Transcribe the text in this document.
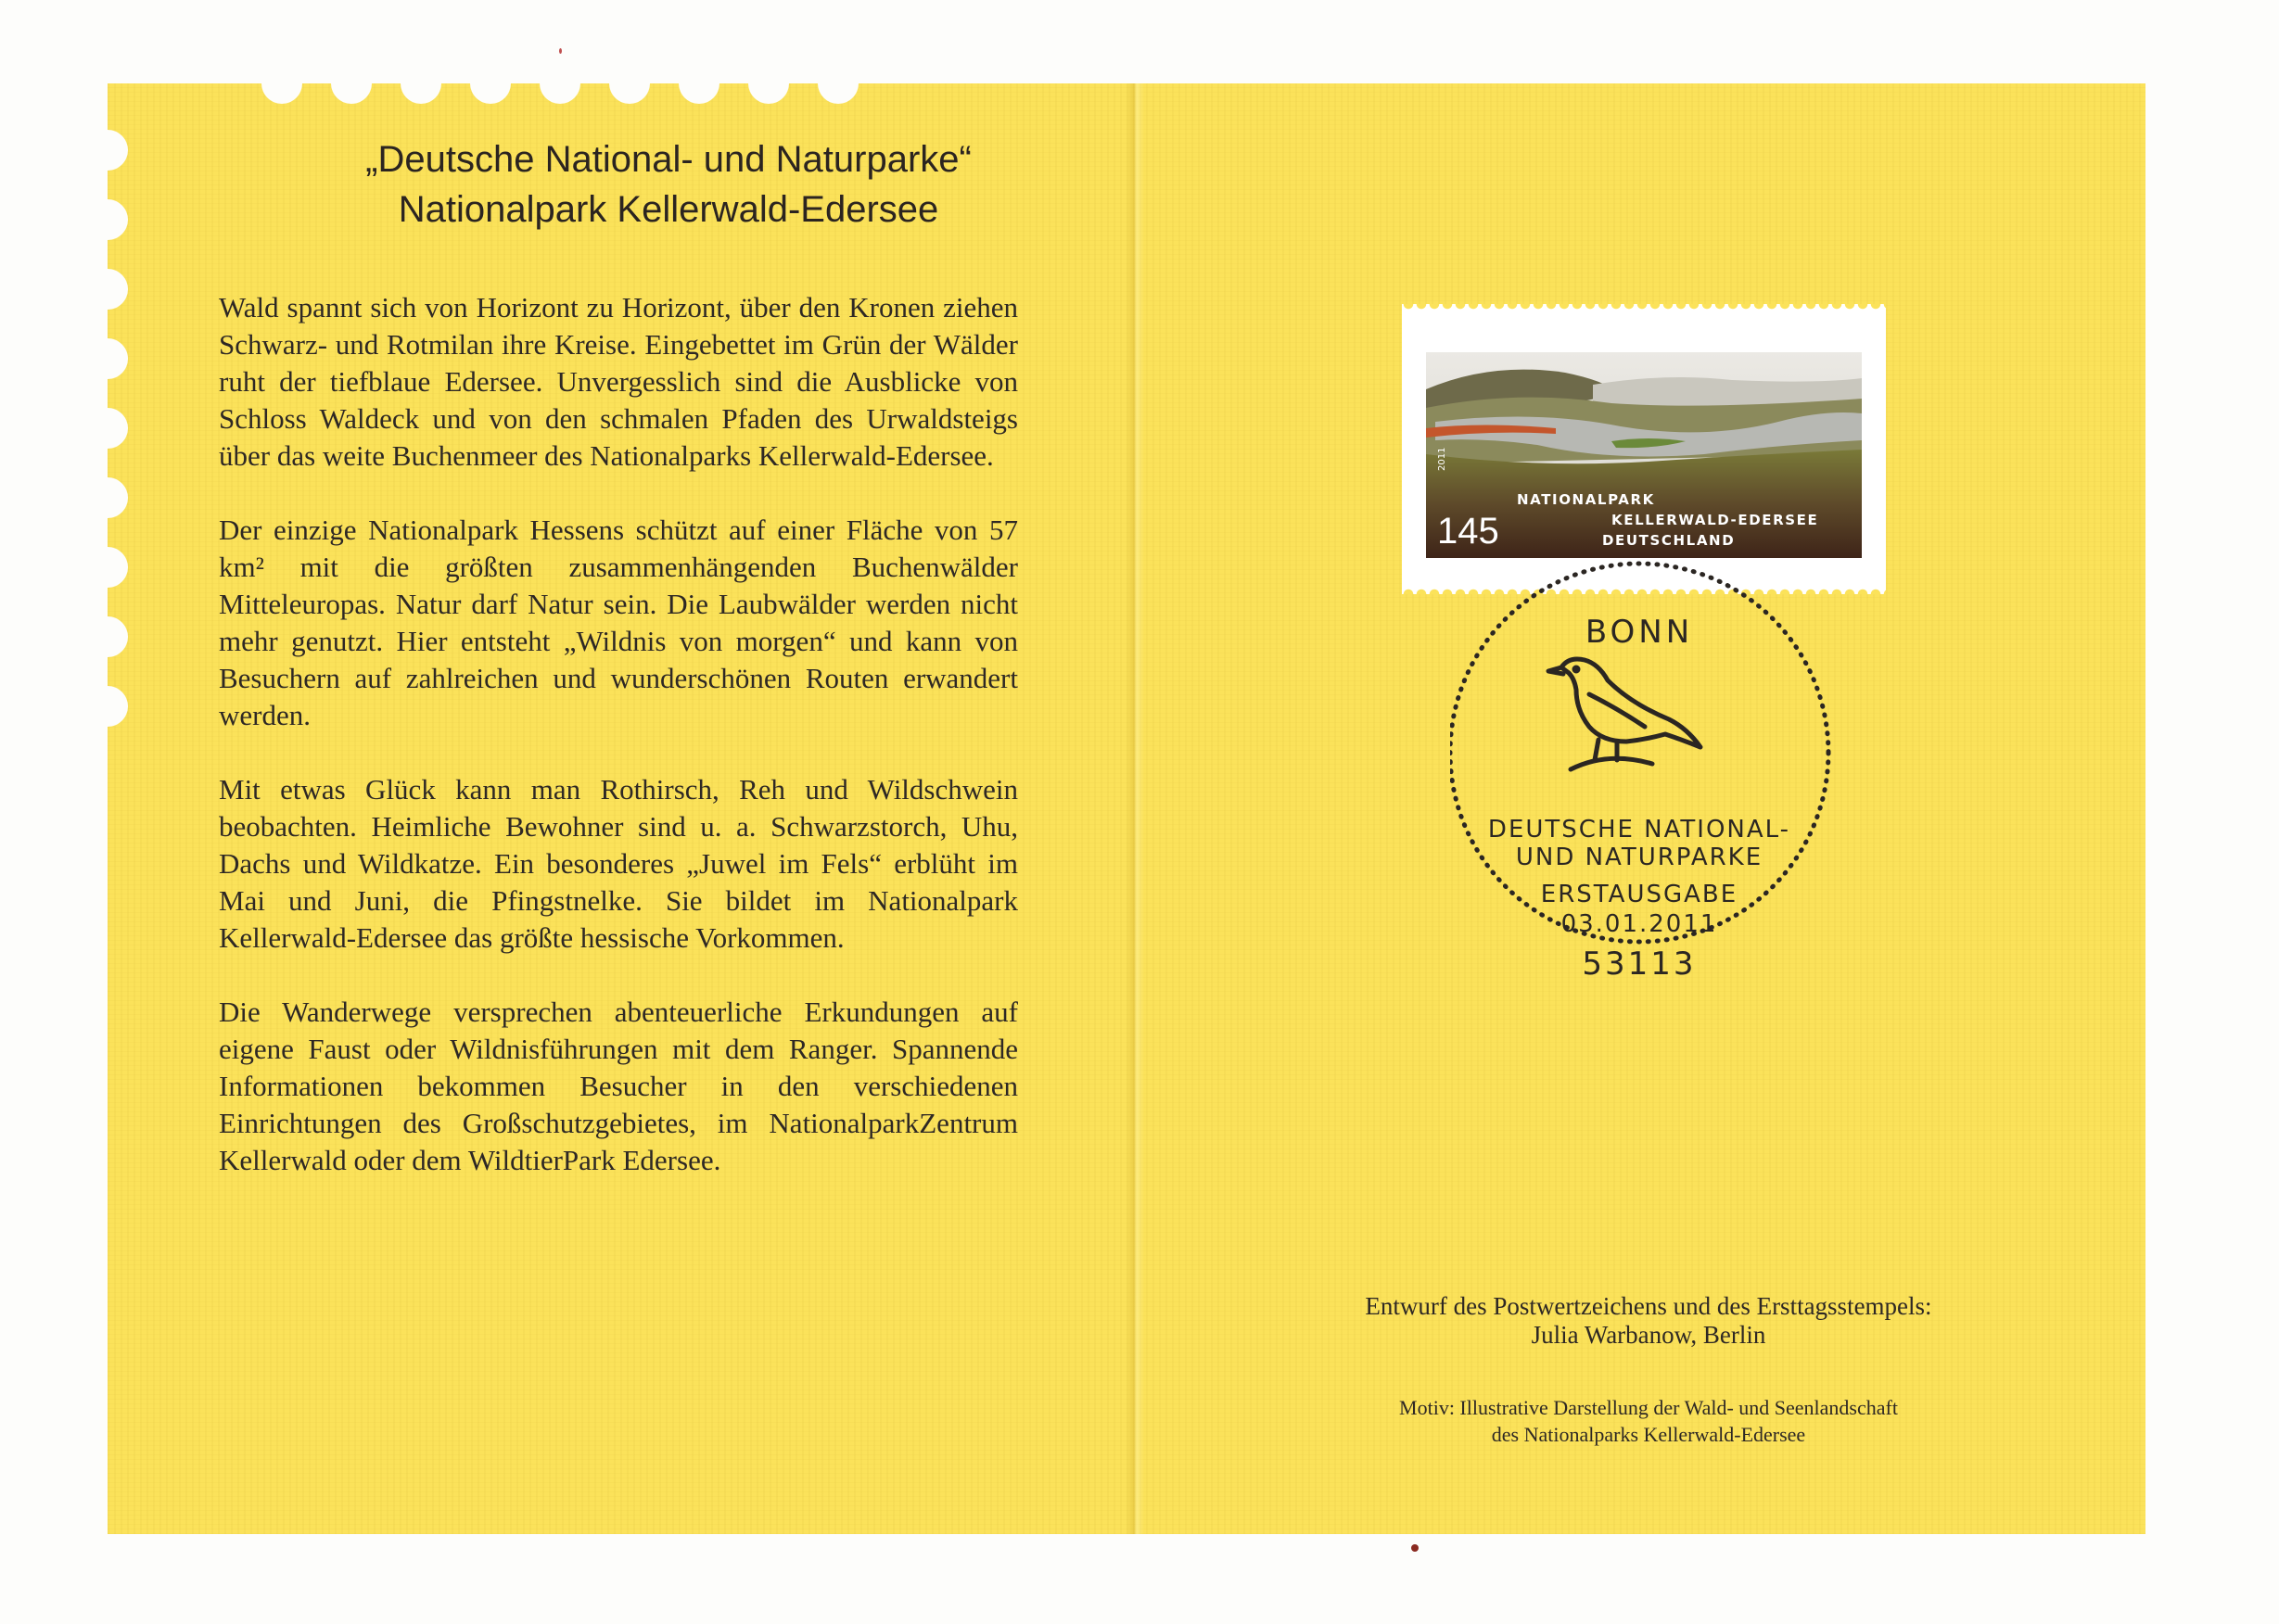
„Deutsche National- und Naturparke“
Nationalpark Kellerwald-Edersee

Wald spannt sich von Horizont zu Horizont, über den Kronen ziehen Schwarz- und Rotmilan ihre Kreise. Eingebettet im Grün der Wälder ruht der tiefblaue Edersee. Unvergesslich sind die Ausblicke von Schloss Waldeck und von den schmalen Pfaden des Urwaldsteigs über das weite Buchenmeer des Nationalparks Kellerwald-Edersee.

Der einzige Nationalpark Hessens schützt auf einer Fläche von 57 km² mit die größten zusammenhängenden Buchenwälder Mitteleuropas. Natur darf Natur sein. Die Laubwälder werden nicht mehr genutzt. Hier entsteht „Wildnis von morgen“ und kann von Besuchern auf zahlreichen und wunderschönen Routen erwandert werden.

Mit etwas Glück kann man Rothirsch, Reh und Wildschwein beobachten. Heimliche Bewohner sind u. a. Schwarzstorch, Uhu, Dachs und Wildkatze. Ein besonderes „Juwel im Fels“ erblüht im Mai und Juni, die Pfingstnelke. Sie bildet im Nationalpark Kellerwald-Edersee das größte hessische Vorkommen.

Die Wanderwege versprechen abenteuerliche Erkundungen auf eigene Faust oder Wildnisführungen mit dem Ranger. Spannende Informationen bekommen Besucher in den verschiedenen Einrichtungen des Großschutzgebietes, im NationalparkZentrum Kellerwald oder dem WildtierPark Edersee.

2011
NATIONALPARK
KELLERWALD-EDERSEE
DEUTSCHLAND
145
BONN
DEUTSCHE NATIONAL-
UND NATURPARKE
ERSTAUSGABE
03.01.2011
53113
Entwurf des Postwertzeichens und des Ersttagsstempels:
Julia Warbanow, Berlin
Motiv: Illustrative Darstellung der Wald- und Seenlandschaft
des Nationalparks Kellerwald-Edersee
